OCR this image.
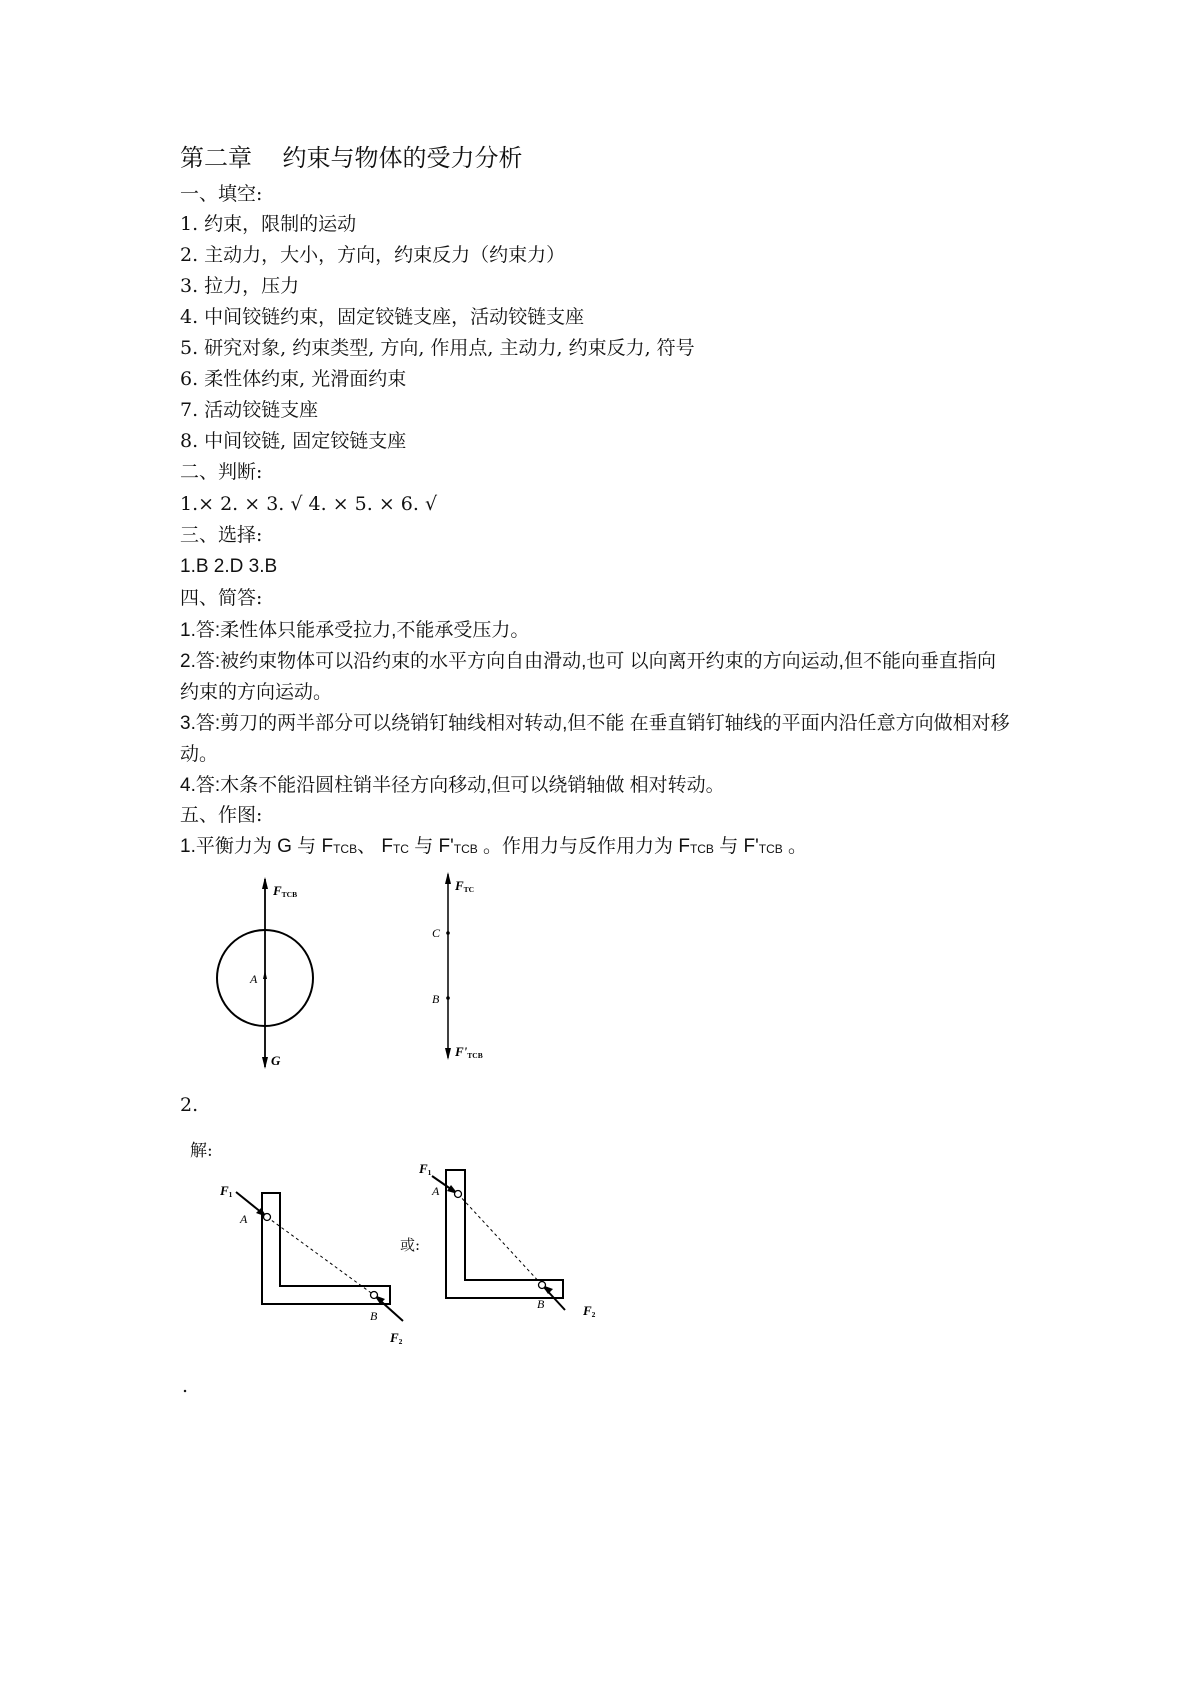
第二章    约束与物体的受力分析
一、填空:
1. 约束，限制的运动
2. 主动力，大小，方向，约束反力（约束力）
3. 拉力，压力
4. 中间铰链约束，固定铰链支座，活动铰链支座
5. 研究对象, 约束类型, 方向, 作用点, 主动力, 约束反力, 符号
6. 柔性体约束, 光滑面约束
7. 活动铰链支座
8. 中间铰链, 固定铰链支座
二、判断:
1.× 2. × 3. √ 4. × 5. × 6. √
三、选择:
1.B 2.D 3.B
四、简答:
1.答:柔性体只能承受拉力,不能承受压力。
2.答:被约束物体可以沿约束的水平方向自由滑动,也可 以向离开约束的方向运动,但不能向垂直指向约束的方向运动。
3.答:剪刀的两半部分可以绕销钉轴线相对转动,但不能 在垂直销钉轴线的平面内沿任意方向做相对移动。
4.答:木条不能沿圆柱销半径方向移动,但可以绕销轴做 相对转动。
五、作图:
1.平衡力为 G 与 $F_{TCB}$、 $F_{TC}$ 与 $F'_{TCB}$ 。作用力与反作用力为 $F_{TCB}$ 与 $F'_{TCB}$ 。
FTCB
A
G
FTC
C
B
F'TCB
2.
解:
F1
A
B
F2
或:
F1
A
B	F2
.
